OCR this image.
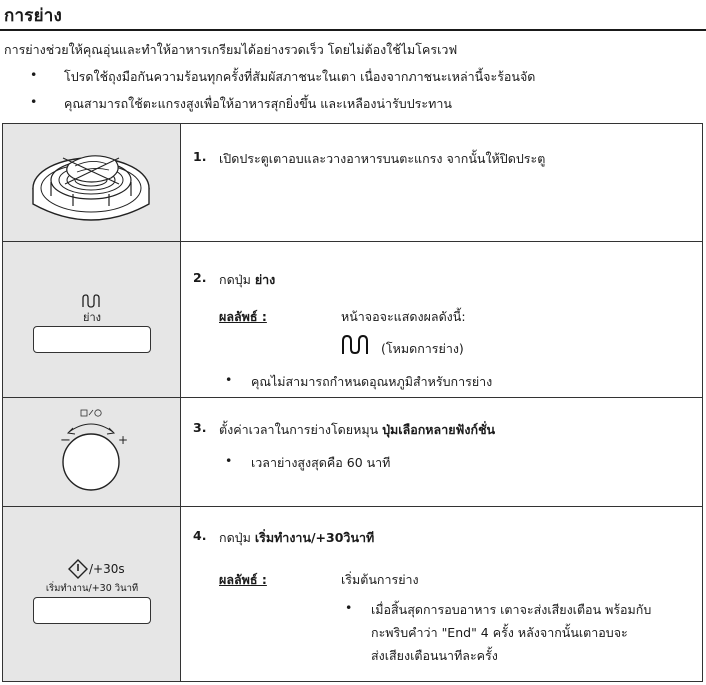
การย่าง
การย่างช่วยให้คุณอุ่นและทำให้อาหารเกรียมได้อย่างรวดเร็ว โดยไม่ต้องใช้ไมโครเวฟ
• โปรดใช้ถุงมือกันความร้อนทุกครั้งที่สัมผัสภาชนะในเตา เนื่องจากภาชนะเหล่านี้จะร้อนจัด
• คุณสามารถใช้ตะแกรงสูงเพื่อให้อาหารสุกยิ่งขึ้น และเหลืองน่ารับประทาน
1. เปิดประตูเตาอบและวางอาหารบนตะแกรง จากนั้นให้ปิดประตู
ย่าง
2. กดปุ่ม ย่าง
ผลลัพธ์ :	หน้าจอจะแสดงผลดังนี้:
(โหมดการย่าง)
• คุณไม่สามารถกำหนดอุณหภูมิสำหรับการย่าง
−	+
3. ตั้งค่าเวลาในการย่างโดยหมุน ปุ่มเลือกหลายฟังก์ชั่น
• เวลาย่างสูงสุดคือ 60 นาที
/+30s
เริ่มทำงาน/+30 วินาที
4. กดปุ่ม เริ่มทำงาน/+30วินาที
ผลลัพธ์ :	เริ่มต้นการย่าง
• เมื่อสิ้นสุดการอบอาหาร เตาจะส่งเสียงเตือน พร้อมกับ
กะพริบคำว่า "End" 4 ครั้ง หลังจากนั้นเตาอบจะ
ส่งเสียงเตือนนาทีละครั้ง
